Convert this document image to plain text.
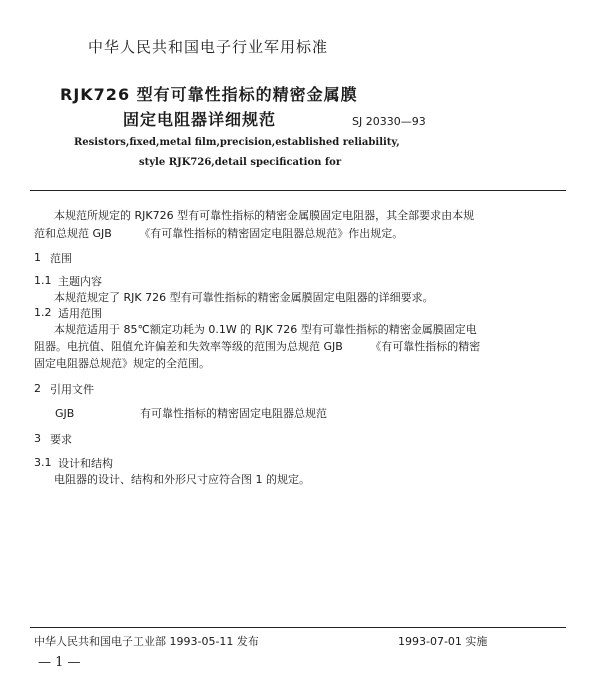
中华人民共和国电子行业军用标准
RJK726 型有可靠性指标的精密金属膜
固定电阻器详细规范	SJ 20330—93
Resistors,fixed,metal film,precision,established reliability,
style RJK726,detail specification for
本规范所规定的 RJK726 型有可靠性指标的精密金属膜固定电阻器，其全部要求由本规
范和总规范 GJB　　　《有可靠性指标的精密固定电阻器总规范》作出规定。
1 范围
1.1 主题内容
本规范规定了 RJK 726 型有可靠性指标的精密金属膜固定电阻器的详细要求。
1.2 适用范围
本规范适用于 85℃额定功耗为 0.1W 的 RJK 726 型有可靠性指标的精密金属膜固定电
阻器。电抗值、阻值允许偏差和失效率等级的范围为总规范 GJB　　　《有可靠性指标的精密
固定电阻器总规范》规定的全范围。
2 引用文件
GJB	有可靠性指标的精密固定电阻器总规范
3 要求
3.1 设计和结构
电阻器的设计、结构和外形尺寸应符合图 1 的规定。
中华人民共和国电子工业部 1993-05-11 发布	1993-07-01 实施
— 1 —
